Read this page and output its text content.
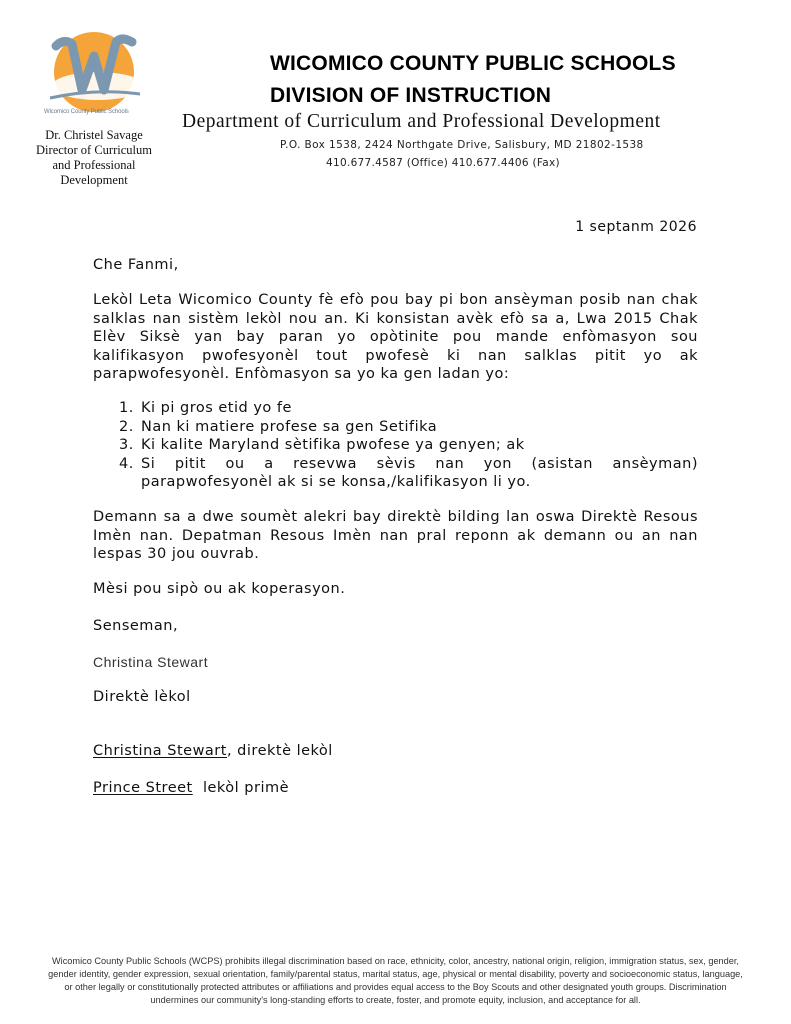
Wicomico County Public Schools
Dr. Christel Savage
Director of Curriculum
and Professional
Development
WICOMICO COUNTY PUBLIC SCHOOLS
DIVISION OF INSTRUCTION
Department of Curriculum and Professional Development
P.O. Box 1538, 2424 Northgate Drive, Salisbury, MD 21802-1538
410.677.4587 (Office) 410.677.4406 (Fax)
1 septanm 2026
Che Fanmi,
Lekòl Leta Wicomico County fè efò pou bay pi bon ansèyman posib nan chak salklas nan sistèm lekòl nou an. Ki konsistan avèk efò sa a, Lwa 2015 Chak Elèv Siksè yan bay paran yo opòtinite pou mande enfòmasyon sou kalifikasyon pwofesyonèl tout pwofesè ki nan salklas pitit yo ak parapwofesyonèl. Enfòmasyon sa yo ka gen ladan yo:
1. Ki pi gros etid yo fe
2. Nan ki matiere profese sa gen Setifika
3. Ki kalite Maryland sètifika pwofese ya genyen; ak
4. Si pitit ou a resevwa sèvis nan yon (asistan ansèyman) parapwofesyonèl ak si se konsa,/kalifikasyon li yo.
Demann sa a dwe soumèt alekri bay direktè bilding lan oswa Direktè Resous Imèn nan. Depatman Resous Imèn nan pral reponn ak demann ou an nan lespas 30 jou ouvrab.
Mèsi pou sipò ou ak koperasyon.
Senseman,
Christina Stewart
Direktè lèkol
Christina Stewart, direktè lekòl
Prince Street lekòl primè
Wicomico County Public Schools (WCPS) prohibits illegal discrimination based on race, ethnicity, color, ancestry, national origin, religion, immigration status, sex, gender, gender identity, gender expression, sexual orientation, family/parental status, marital status, age, physical or mental disability, poverty and socioeconomic status, language, or other legally or constitutionally protected attributes or affiliations and provides equal access to the Boy Scouts and other designated youth groups. Discrimination undermines our community's long-standing efforts to create, foster, and promote equity, inclusion, and acceptance for all.
